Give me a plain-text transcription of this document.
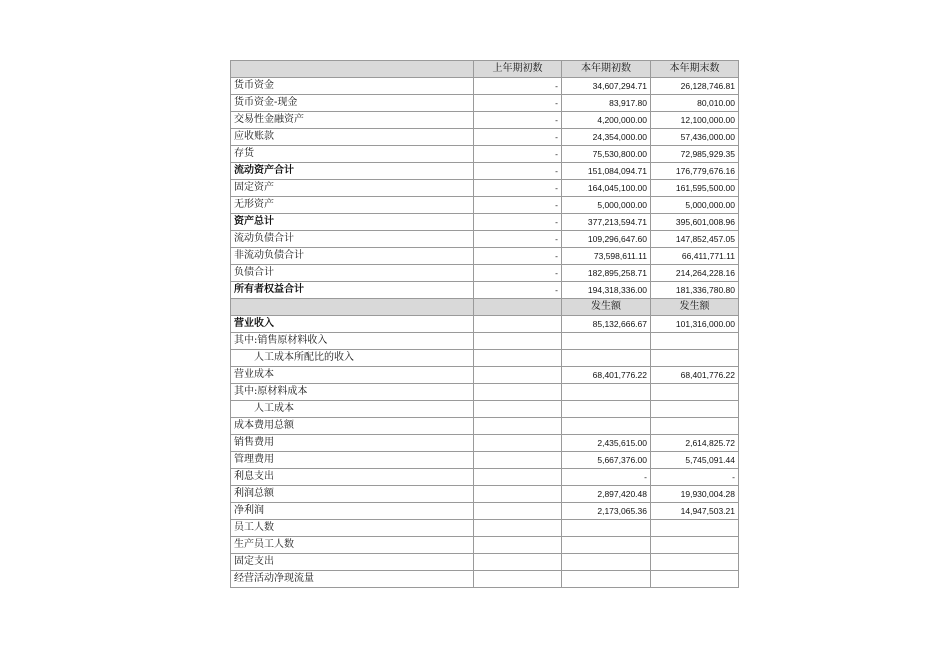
	上年期初数	本年期初数	本年期末数
货币资金	-	34,607,294.71	26,128,746.81
货币资金-现金	-	83,917.80	80,010.00
交易性金融资产	-	4,200,000.00	12,100,000.00
应收账款	-	24,354,000.00	57,436,000.00
存货	-	75,530,800.00	72,985,929.35
流动资产合计	-	151,084,094.71	176,779,676.16
固定资产	-	164,045,100.00	161,595,500.00
无形资产	-	5,000,000.00	5,000,000.00
资产总计	-	377,213,594.71	395,601,008.96
流动负债合计	-	109,296,647.60	147,852,457.05
非流动负债合计	-	73,598,611.11	66,411,771.11
负债合计	-	182,895,258.71	214,264,228.16
所有者权益合计	-	194,318,336.00	181,336,780.80
		发生额	发生额
营业收入		85,132,666.67	101,316,000.00
其中:销售原材料收入			
人工成本所配比的收入			
营业成本		68,401,776.22	68,401,776.22
其中:原材料成本			
人工成本			
成本费用总额			
销售费用		2,435,615.00	2,614,825.72
管理费用		5,667,376.00	5,745,091.44
利息支出		-	-
利润总额		2,897,420.48	19,930,004.28
净利润		2,173,065.36	14,947,503.21
员工人数			
生产员工人数			
固定支出			
经营活动净现流量			
